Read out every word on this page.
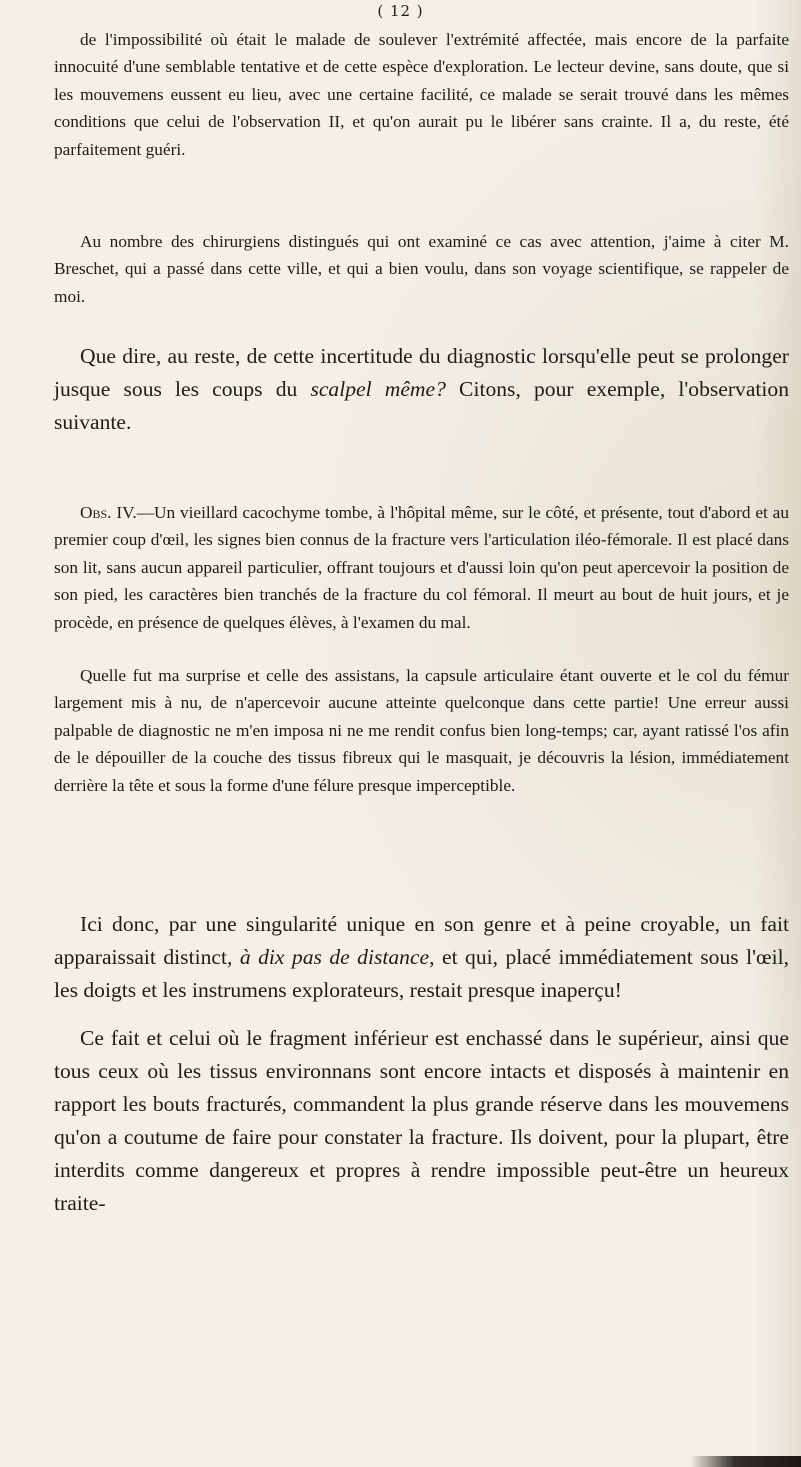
( 12 )

de l'impossibilité où était le malade de soulever l'extrémité affectée, mais encore de la parfaite innocuité d'une semblable tentative et de cette espèce d'exploration. Le lecteur devine, sans doute, que si les mouvemens eussent eu lieu, avec une certaine facilité, ce malade se serait trouvé dans les mêmes conditions que celui de l'observation II, et qu'on aurait pu le libérer sans crainte. Il a, du reste, été parfaitement guéri.

Au nombre des chirurgiens distingués qui ont examiné ce cas avec attention, j'aime à citer M. Breschet, qui a passé dans cette ville, et qui a bien voulu, dans son voyage scientifique, se rappeler de moi.

Que dire, au reste, de cette incertitude du diagnostic lorsqu'elle peut se prolonger jusque sous les coups du scalpel même? Citons, pour exemple, l'observation suivante.

Obs. IV.—Un vieillard cacochyme tombe, à l'hôpital même, sur le côté, et présente, tout d'abord et au premier coup d'œil, les signes bien connus de la fracture vers l'articulation iléo-fémorale. Il est placé dans son lit, sans aucun appareil particulier, offrant toujours et d'aussi loin qu'on peut apercevoir la position de son pied, les caractères bien tranchés de la fracture du col fémoral. Il meurt au bout de huit jours, et je procède, en présence de quelques élèves, à l'examen du mal.

Quelle fut ma surprise et celle des assistans, la capsule articulaire étant ouverte et le col du fémur largement mis à nu, de n'apercevoir aucune atteinte quelconque dans cette partie! Une erreur aussi palpable de diagnostic ne m'en imposa ni ne me rendit confus bien long-temps; car, ayant ratissé l'os afin de le dépouiller de la couche des tissus fibreux qui le masquait, je découvris la lésion, immédiatement derrière la tête et sous la forme d'une félure presque imperceptible.

Ici donc, par une singularité unique en son genre et à peine croyable, un fait apparaissait distinct, à dix pas de distance, et qui, placé immédiatement sous l'œil, les doigts et les instrumens explorateurs, restait presque inaperçu!

Ce fait et celui où le fragment inférieur est enchassé dans le supérieur, ainsi que tous ceux où les tissus environnans sont encore intacts et disposés à maintenir en rapport les bouts fracturés, commandent la plus grande réserve dans les mouvemens qu'on a coutume de faire pour constater la fracture. Ils doivent, pour la plupart, être interdits comme dangereux et propres à rendre impossible peut-être un heureux traite-
